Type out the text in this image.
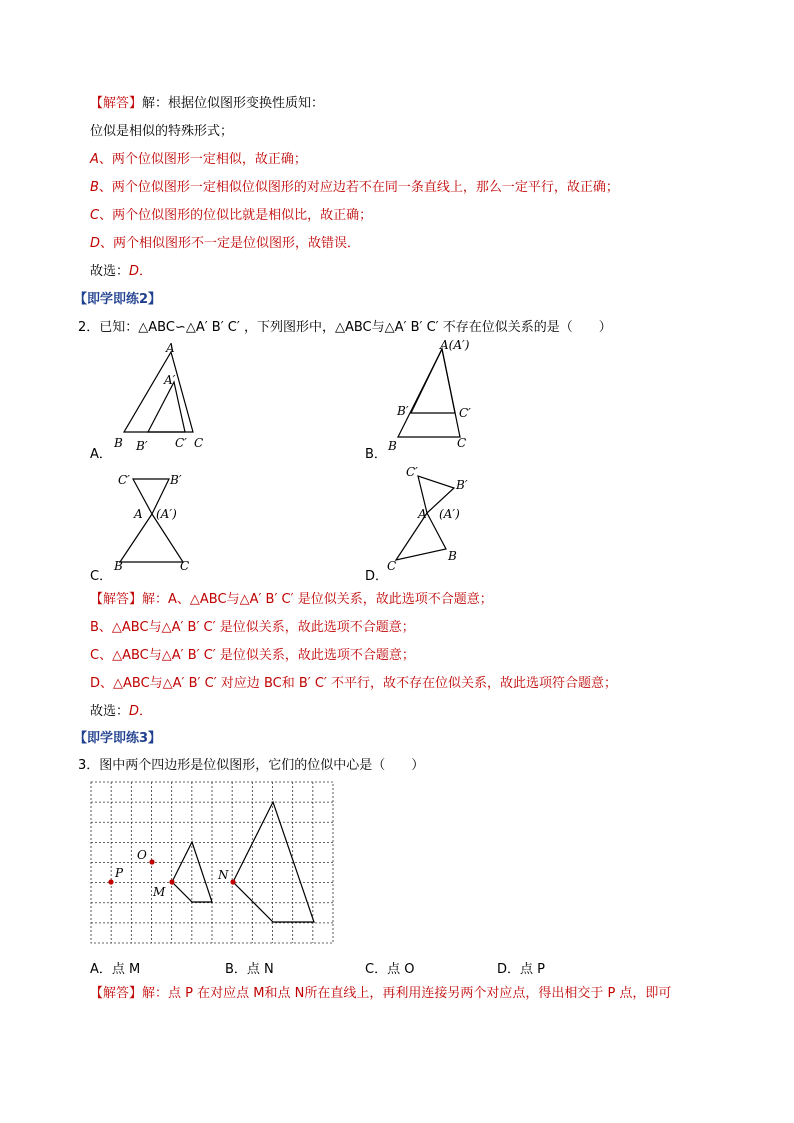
【解答】解：根据位似图形变换性质知：
位似是相似的特殊形式；
A、两个位似图形一定相似，故正确；
B、两个位似图形一定相似位似图形的对应边若不在同一条直线上，那么一定平行，故正确；
C、两个位似图形的位似比就是相似比，故正确；
D、两个相似图形不一定是位似图形，故错误．
故选：D．
【即学即练2】
2．已知：△ABC∽△A′ B′ C′ ，下列图形中，△ABC与△A′ B′ C′ 不存在位似关系的是（　　）
A
A′
B B′ C′ C
A．
A(A′)
B′	C′
B	C
B．
C′	B′
A (A′)
B	C
C．
C′
B′
A (A′)
B
C
D．
【解答】解：A、△ABC与△A′ B′ C′ 是位似关系，故此选项不合题意；
B、△ABC与△A′ B′ C′ 是位似关系，故此选项不合题意；
C、△ABC与△A′ B′ C′ 是位似关系，故此选项不合题意；
D、△ABC与△A′ B′ C′ 对应边 BC和 B′ C′ 不平行，故不存在位似关系，故此选项符合题意；
故选：D．
【即学即练3】
3．图中两个四边形是位似图形，它们的位似中心是（　　）
P
O
M
N
A．点 M	B．点 N	C．点 O	D．点 P
【解答】解：点 P 在对应点 M和点 N所在直线上，再利用连接另两个对应点，得出相交于 P 点，即可
